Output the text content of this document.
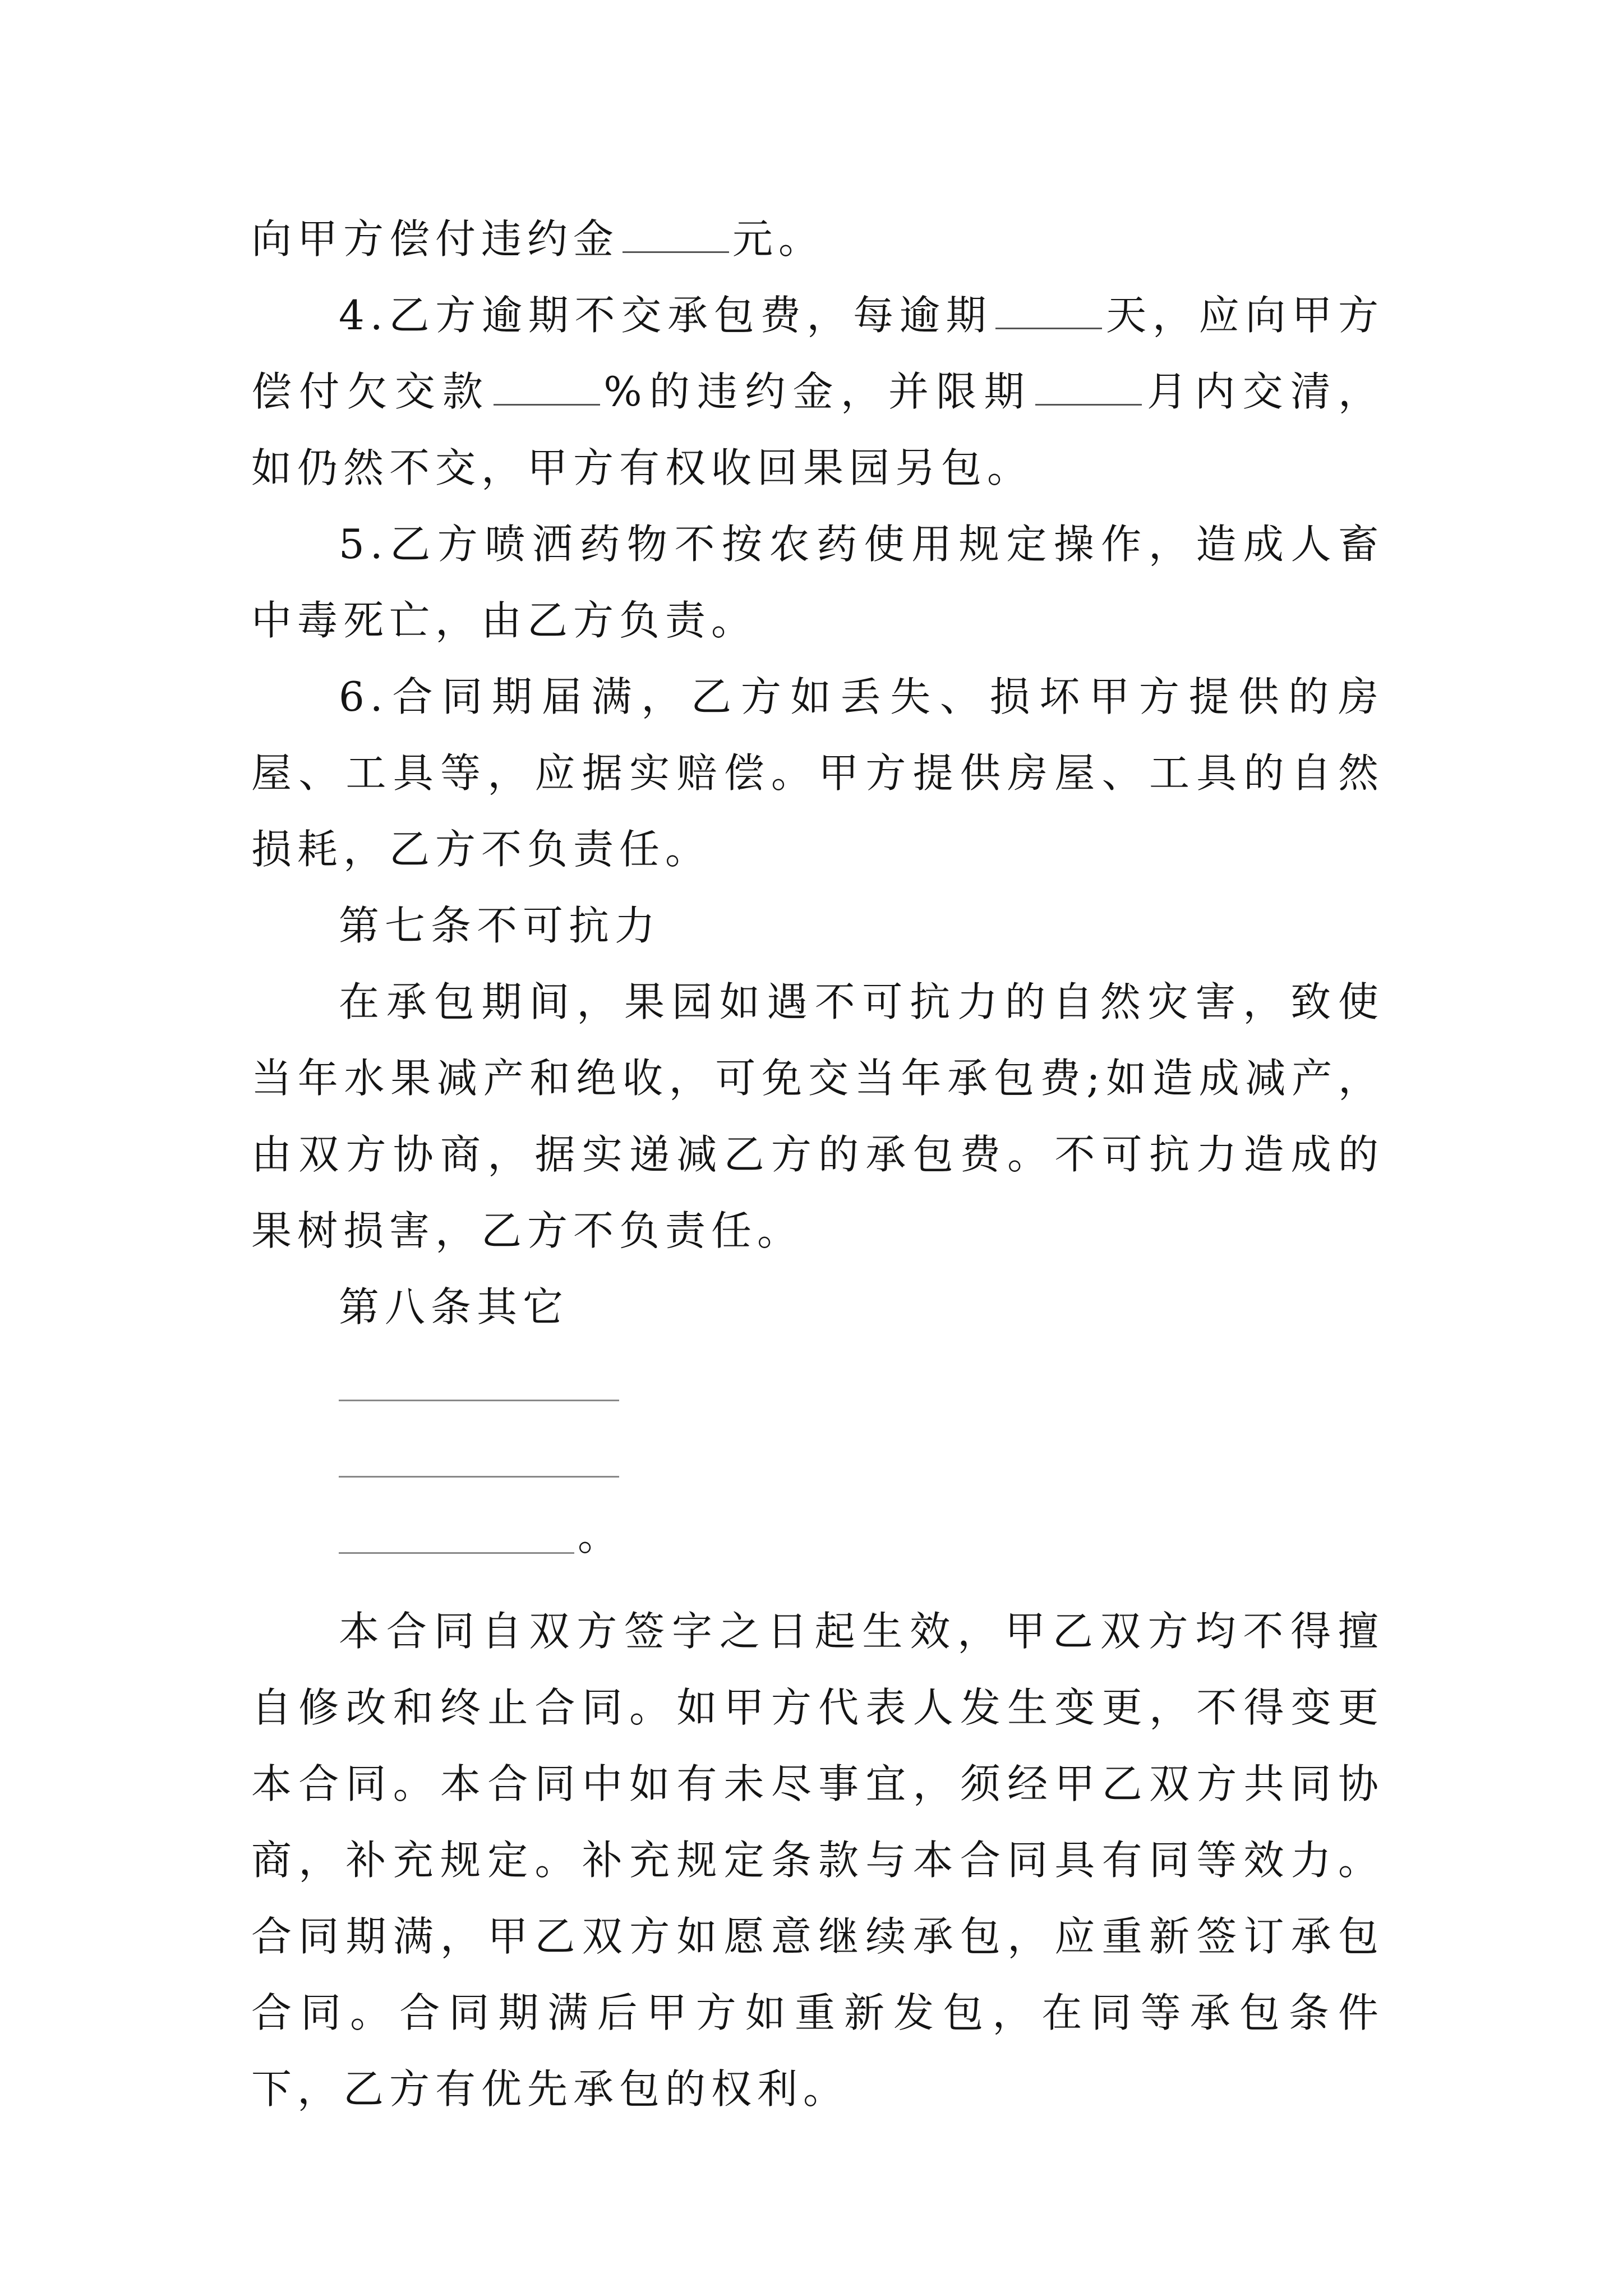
向甲方偿付违约金	元。

4.乙方逾期不交承包费，每逾期	天，应向甲方偿付欠交款	%的违约金，并限期	月内交清，如仍然不交，甲方有权收回果园另包。

5.乙方喷洒药物不按农药使用规定操作，造成人畜中毒死亡，由乙方负责。

6.合同期届满，乙方如丢失、损坏甲方提供的房屋、工具等，应据实赔偿。甲方提供房屋、工具的自然损耗，乙方不负责任。

第七条不可抗力

在承包期间，果园如遇不可抗力的自然灾害，致使当年水果减产和绝收，可免交当年承包费;如造成减产，由双方协商，据实递减乙方的承包费。不可抗力造成的果树损害，乙方不负责任。

第八条其它

。

本合同自双方签字之日起生效，甲乙双方均不得擅自修改和终止合同。如甲方代表人发生变更，不得变更本合同。本合同中如有未尽事宜，须经甲乙双方共同协商，补充规定。补充规定条款与本合同具有同等效力。合同期满，甲乙双方如愿意继续承包，应重新签订承包合同。合同期满后甲方如重新发包，在同等承包条件下，乙方有优先承包的权利。
